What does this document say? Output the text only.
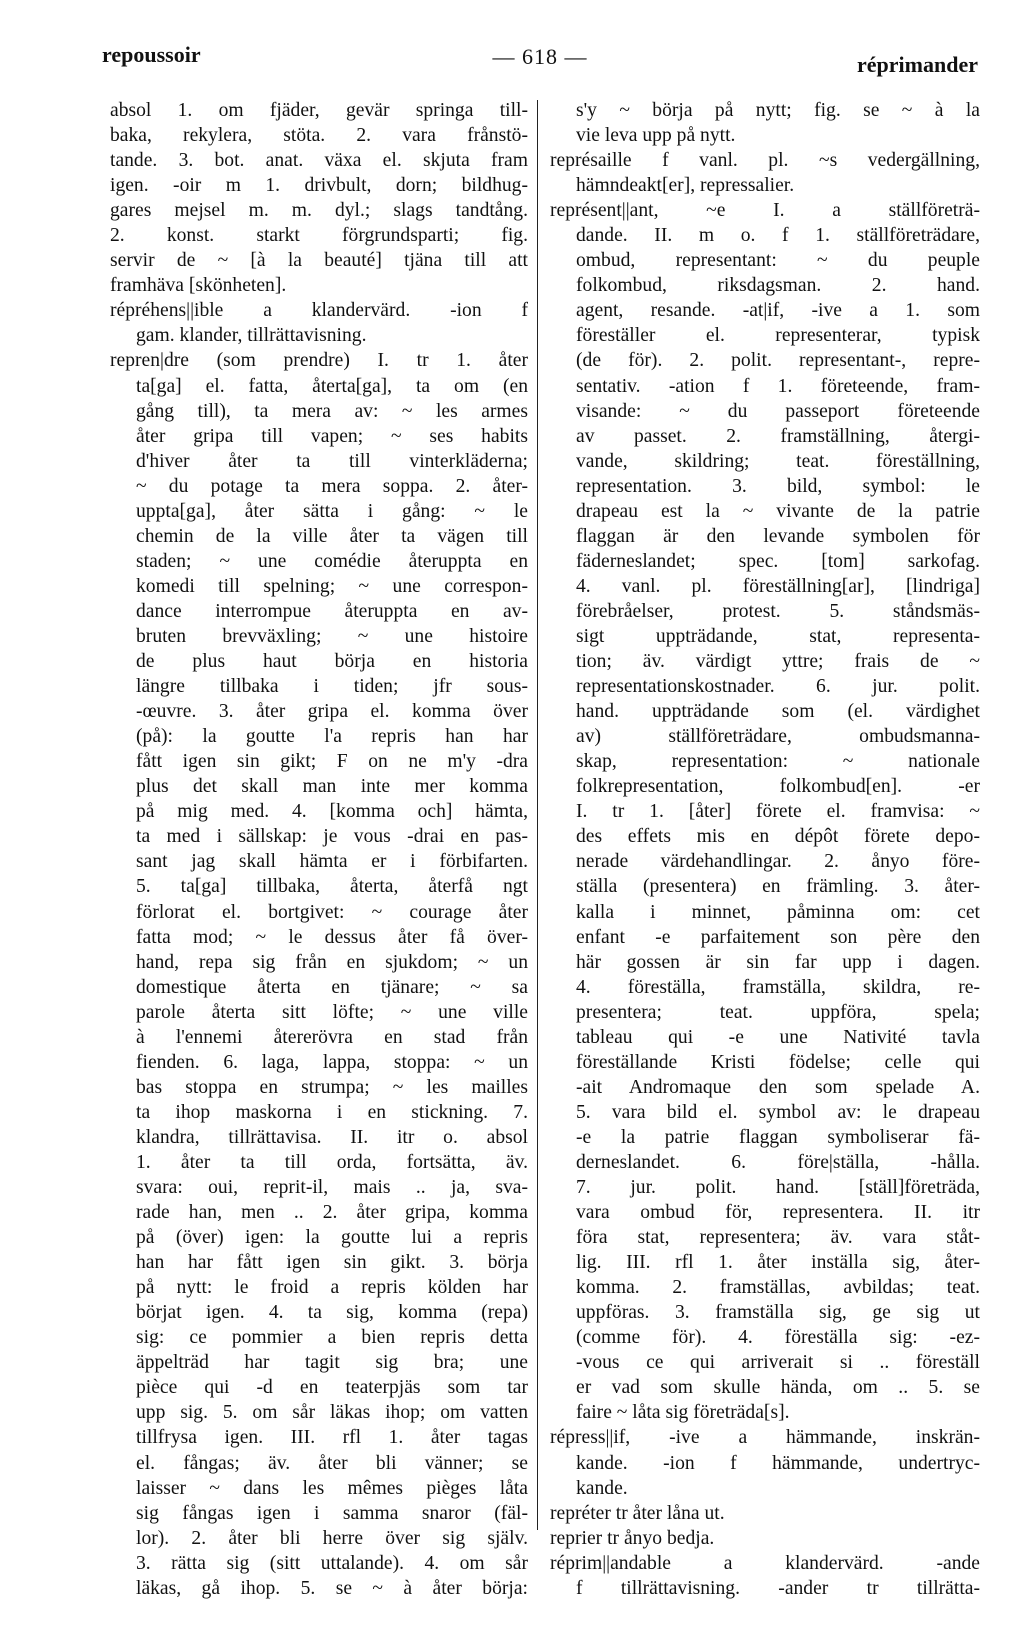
repoussoir	— 618 —	réprimander
absol 1. om fjäder, gevär springa till-
baka, rekylera, stöta. 2. vara frånstö-
tande. 3. bot. anat. växa el. skjuta fram
igen. -oir m 1. drivbult, dorn; bildhug-
gares mejsel m. m. dyl.; slags tandtång.
2. konst. starkt förgrundsparti; fig.
servir de ~ [à la beauté] tjäna till att
framhäva [skönheten].
répréhens||ible a klandervärd. -ion f
gam. klander, tillrättavisning.
repren|dre (som prendre) I. tr 1. åter
ta[ga] el. fatta, återta[ga], ta om (en
gång till), ta mera av: ~ les armes
åter gripa till vapen; ~ ses habits
d'hiver åter ta till vinterkläderna;
~ du potage ta mera soppa. 2. åter-
uppta[ga], åter sätta i gång: ~ le
chemin de la ville åter ta vägen till
staden; ~ une comédie återuppta en
komedi till spelning; ~ une correspon-
dance interrompue återuppta en av-
bruten brevväxling; ~ une histoire
de plus haut börja en historia
längre tillbaka i tiden; jfr sous-
-œuvre. 3. åter gripa el. komma över
(på): la goutte l'a repris han har
fått igen sin gikt; F on ne m'y -dra
plus det skall man inte mer komma
på mig med. 4. [komma och] hämta,
ta med i sällskap: je vous -drai en pas-
sant jag skall hämta er i förbifarten.
5. ta[ga] tillbaka, återta, återfå ngt
förlorat el. bortgivet: ~ courage åter
fatta mod; ~ le dessus åter få över-
hand, repa sig från en sjukdom; ~ un
domestique återta en tjänare; ~ sa
parole återta sitt löfte; ~ une ville
à l'ennemi återerövra en stad från
fienden. 6. laga, lappa, stoppa: ~ un
bas stoppa en strumpa; ~ les mailles
ta ihop maskorna i en stickning. 7.
klandra, tillrättavisa. II. itr o. absol
1. åter ta till orda, fortsätta, äv.
svara: oui, reprit-il, mais .. ja, sva-
rade han, men .. 2. åter gripa, komma
på (över) igen: la goutte lui a repris
han har fått igen sin gikt. 3. börja
på nytt: le froid a repris kölden har
börjat igen. 4. ta sig, komma (repa)
sig: ce pommier a bien repris detta
äppelträd har tagit sig bra; une
pièce qui -d en teaterpjäs som tar
upp sig. 5. om sår läkas ihop; om vatten
tillfrysa igen. III. rfl 1. åter tagas
el. fångas; äv. åter bli vänner; se
laisser ~ dans les mêmes pièges låta
sig fångas igen i samma snaror (fäl-
lor). 2. åter bli herre över sig själv.
3. rätta sig (sitt uttalande). 4. om sår
läkas, gå ihop. 5. se ~ à åter börja:
s'y ~ börja på nytt; fig. se ~ à la
vie leva upp på nytt.
représaille f vanl. pl. ~s vedergällning,
hämndeakt[er], repressalier.
représent||ant, ~e I. a ställföreträ-
dande. II. m o. f 1. ställföreträdare,
ombud, representant: ~ du peuple
folkombud, riksdagsman. 2. hand.
agent, resande. -at|if, -ive a 1. som
föreställer el. representerar, typisk
(de för). 2. polit. representant-, repre-
sentativ. -ation f 1. företeende, fram-
visande: ~ du passeport företeende
av passet. 2. framställning, återgi-
vande, skildring; teat. föreställning,
representation. 3. bild, symbol: le
drapeau est la ~ vivante de la patrie
flaggan är den levande symbolen för
fäderneslandet; spec. [tom] sarkofag.
4. vanl. pl. föreställning[ar], [lindriga]
förebråelser, protest. 5. ståndsmäs-
sigt uppträdande, stat, representa-
tion; äv. värdigt yttre; frais de ~
representationskostnader. 6. jur. polit.
hand. uppträdande som (el. värdighet
av) ställföreträdare, ombudsmanna-
skap, representation: ~ nationale
folkrepresentation, folkombud[en]. -er
I. tr 1. [åter] förete el. framvisa: ~
des effets mis en dépôt förete depo-
nerade värdehandlingar. 2. ånyo före-
ställa (presentera) en främling. 3. åter-
kalla i minnet, påminna om: cet
enfant -e parfaitement son père den
här gossen är sin far upp i dagen.
4. föreställa, framställa, skildra, re-
presentera; teat. uppföra, spela;
tableau qui -e une Nativité tavla
föreställande Kristi födelse; celle qui
-ait Andromaque den som spelade A.
5. vara bild el. symbol av: le drapeau
-e la patrie flaggan symboliserar fä-
derneslandet. 6. före|ställa, -hålla.
7. jur. polit. hand. [ställ]företräda,
vara ombud för, representera. II. itr
föra stat, representera; äv. vara ståt-
lig. III. rfl 1. åter inställa sig, åter-
komma. 2. framställas, avbildas; teat.
uppföras. 3. framställa sig, ge sig ut
(comme för). 4. föreställa sig: -ez-
-vous ce qui arriverait si .. föreställ
er vad som skulle hända, om .. 5. se
faire ~ låta sig företräda[s].
répress||if, -ive a hämmande, inskrän-
kande. -ion f hämmande, undertryc-
kande.
repréter tr åter låna ut.
reprier tr ånyo bedja.
réprim||andable a klandervärd. -ande
f tillrättavisning. -ander tr tillrätta-
